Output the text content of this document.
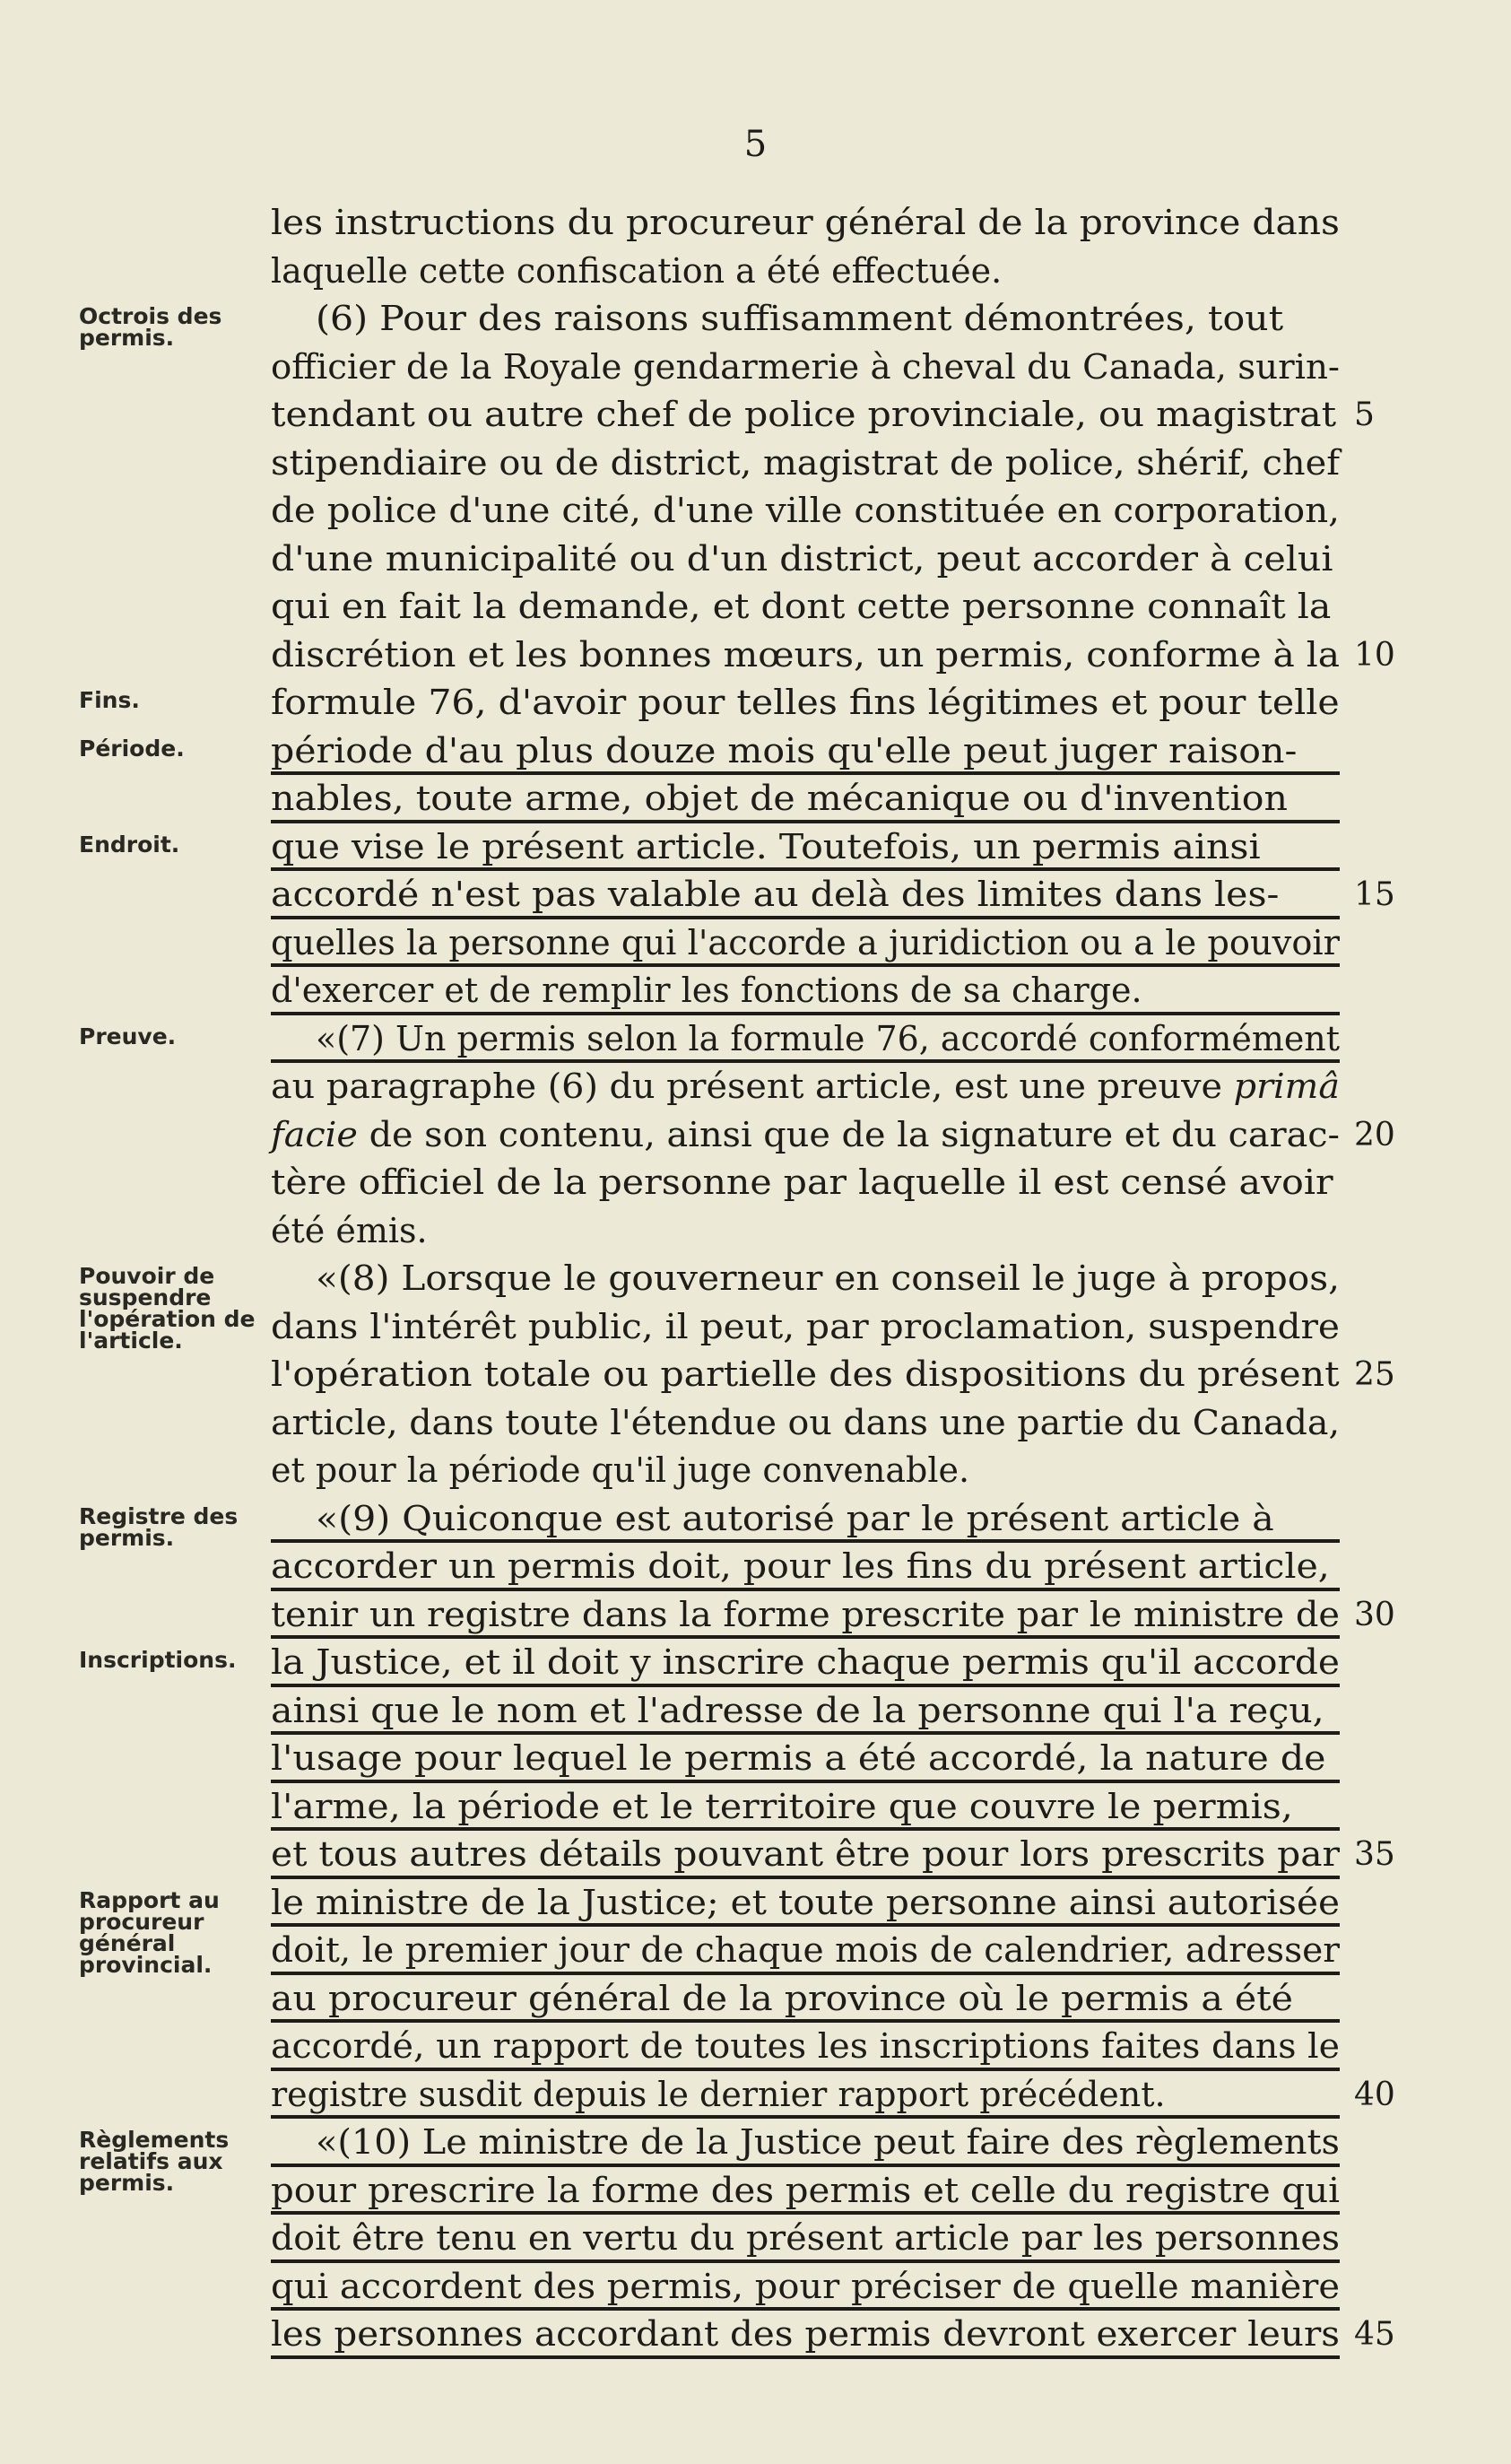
5
Octrois des permis.
Fins.
Période.
Endroit.
Preuve.
Pouvoir de suspendre l'opération de l'article.
Registre des permis.
Inscriptions.
Rapport au procureur général provincial.
Règlements relatifs aux permis.
les instructions du procureur général de la province dans
laquelle cette confiscation a été effectuée.
(6) Pour des raisons suffisamment démontrées, tout
officier de la Royale gendarmerie à cheval du Canada, surin-
tendant ou autre chef de police provinciale, ou magistrat 5
stipendiaire ou de district, magistrat de police, shérif, chef
de police d'une cité, d'une ville constituée en corporation,
d'une municipalité ou d'un district, peut accorder à celui
qui en fait la demande, et dont cette personne connaît la
discrétion et les bonnes mœurs, un permis, conforme à la 10
formule 76, d'avoir pour telles fins légitimes et pour telle
période d'au plus douze mois qu'elle peut juger raison-
nables, toute arme, objet de mécanique ou d'invention
que vise le présent article. Toutefois, un permis ainsi
accordé n'est pas valable au delà des limites dans les- 15
quelles la personne qui l'accorde a juridiction ou a le pouvoir
d'exercer et de remplir les fonctions de sa charge.
«(7) Un permis selon la formule 76, accordé conformément
au paragraphe (6) du présent article, est une preuve primâ
facie de son contenu, ainsi que de la signature et du carac- 20
tère officiel de la personne par laquelle il est censé avoir
été émis.
«(8) Lorsque le gouverneur en conseil le juge à propos,
dans l'intérêt public, il peut, par proclamation, suspendre
l'opération totale ou partielle des dispositions du présent 25
article, dans toute l'étendue ou dans une partie du Canada,
et pour la période qu'il juge convenable.
«(9) Quiconque est autorisé par le présent article à
accorder un permis doit, pour les fins du présent article,
tenir un registre dans la forme prescrite par le ministre de 30
la Justice, et il doit y inscrire chaque permis qu'il accorde
ainsi que le nom et l'adresse de la personne qui l'a reçu,
l'usage pour lequel le permis a été accordé, la nature de
l'arme, la période et le territoire que couvre le permis,
et tous autres détails pouvant être pour lors prescrits par 35
le ministre de la Justice; et toute personne ainsi autorisée
doit, le premier jour de chaque mois de calendrier, adresser
au procureur général de la province où le permis a été
accordé, un rapport de toutes les inscriptions faites dans le
registre susdit depuis le dernier rapport précédent.	40
«(10) Le ministre de la Justice peut faire des règlements
pour prescrire la forme des permis et celle du registre qui
doit être tenu en vertu du présent article par les personnes
qui accordent des permis, pour préciser de quelle manière
les personnes accordant des permis devront exercer leurs 45
